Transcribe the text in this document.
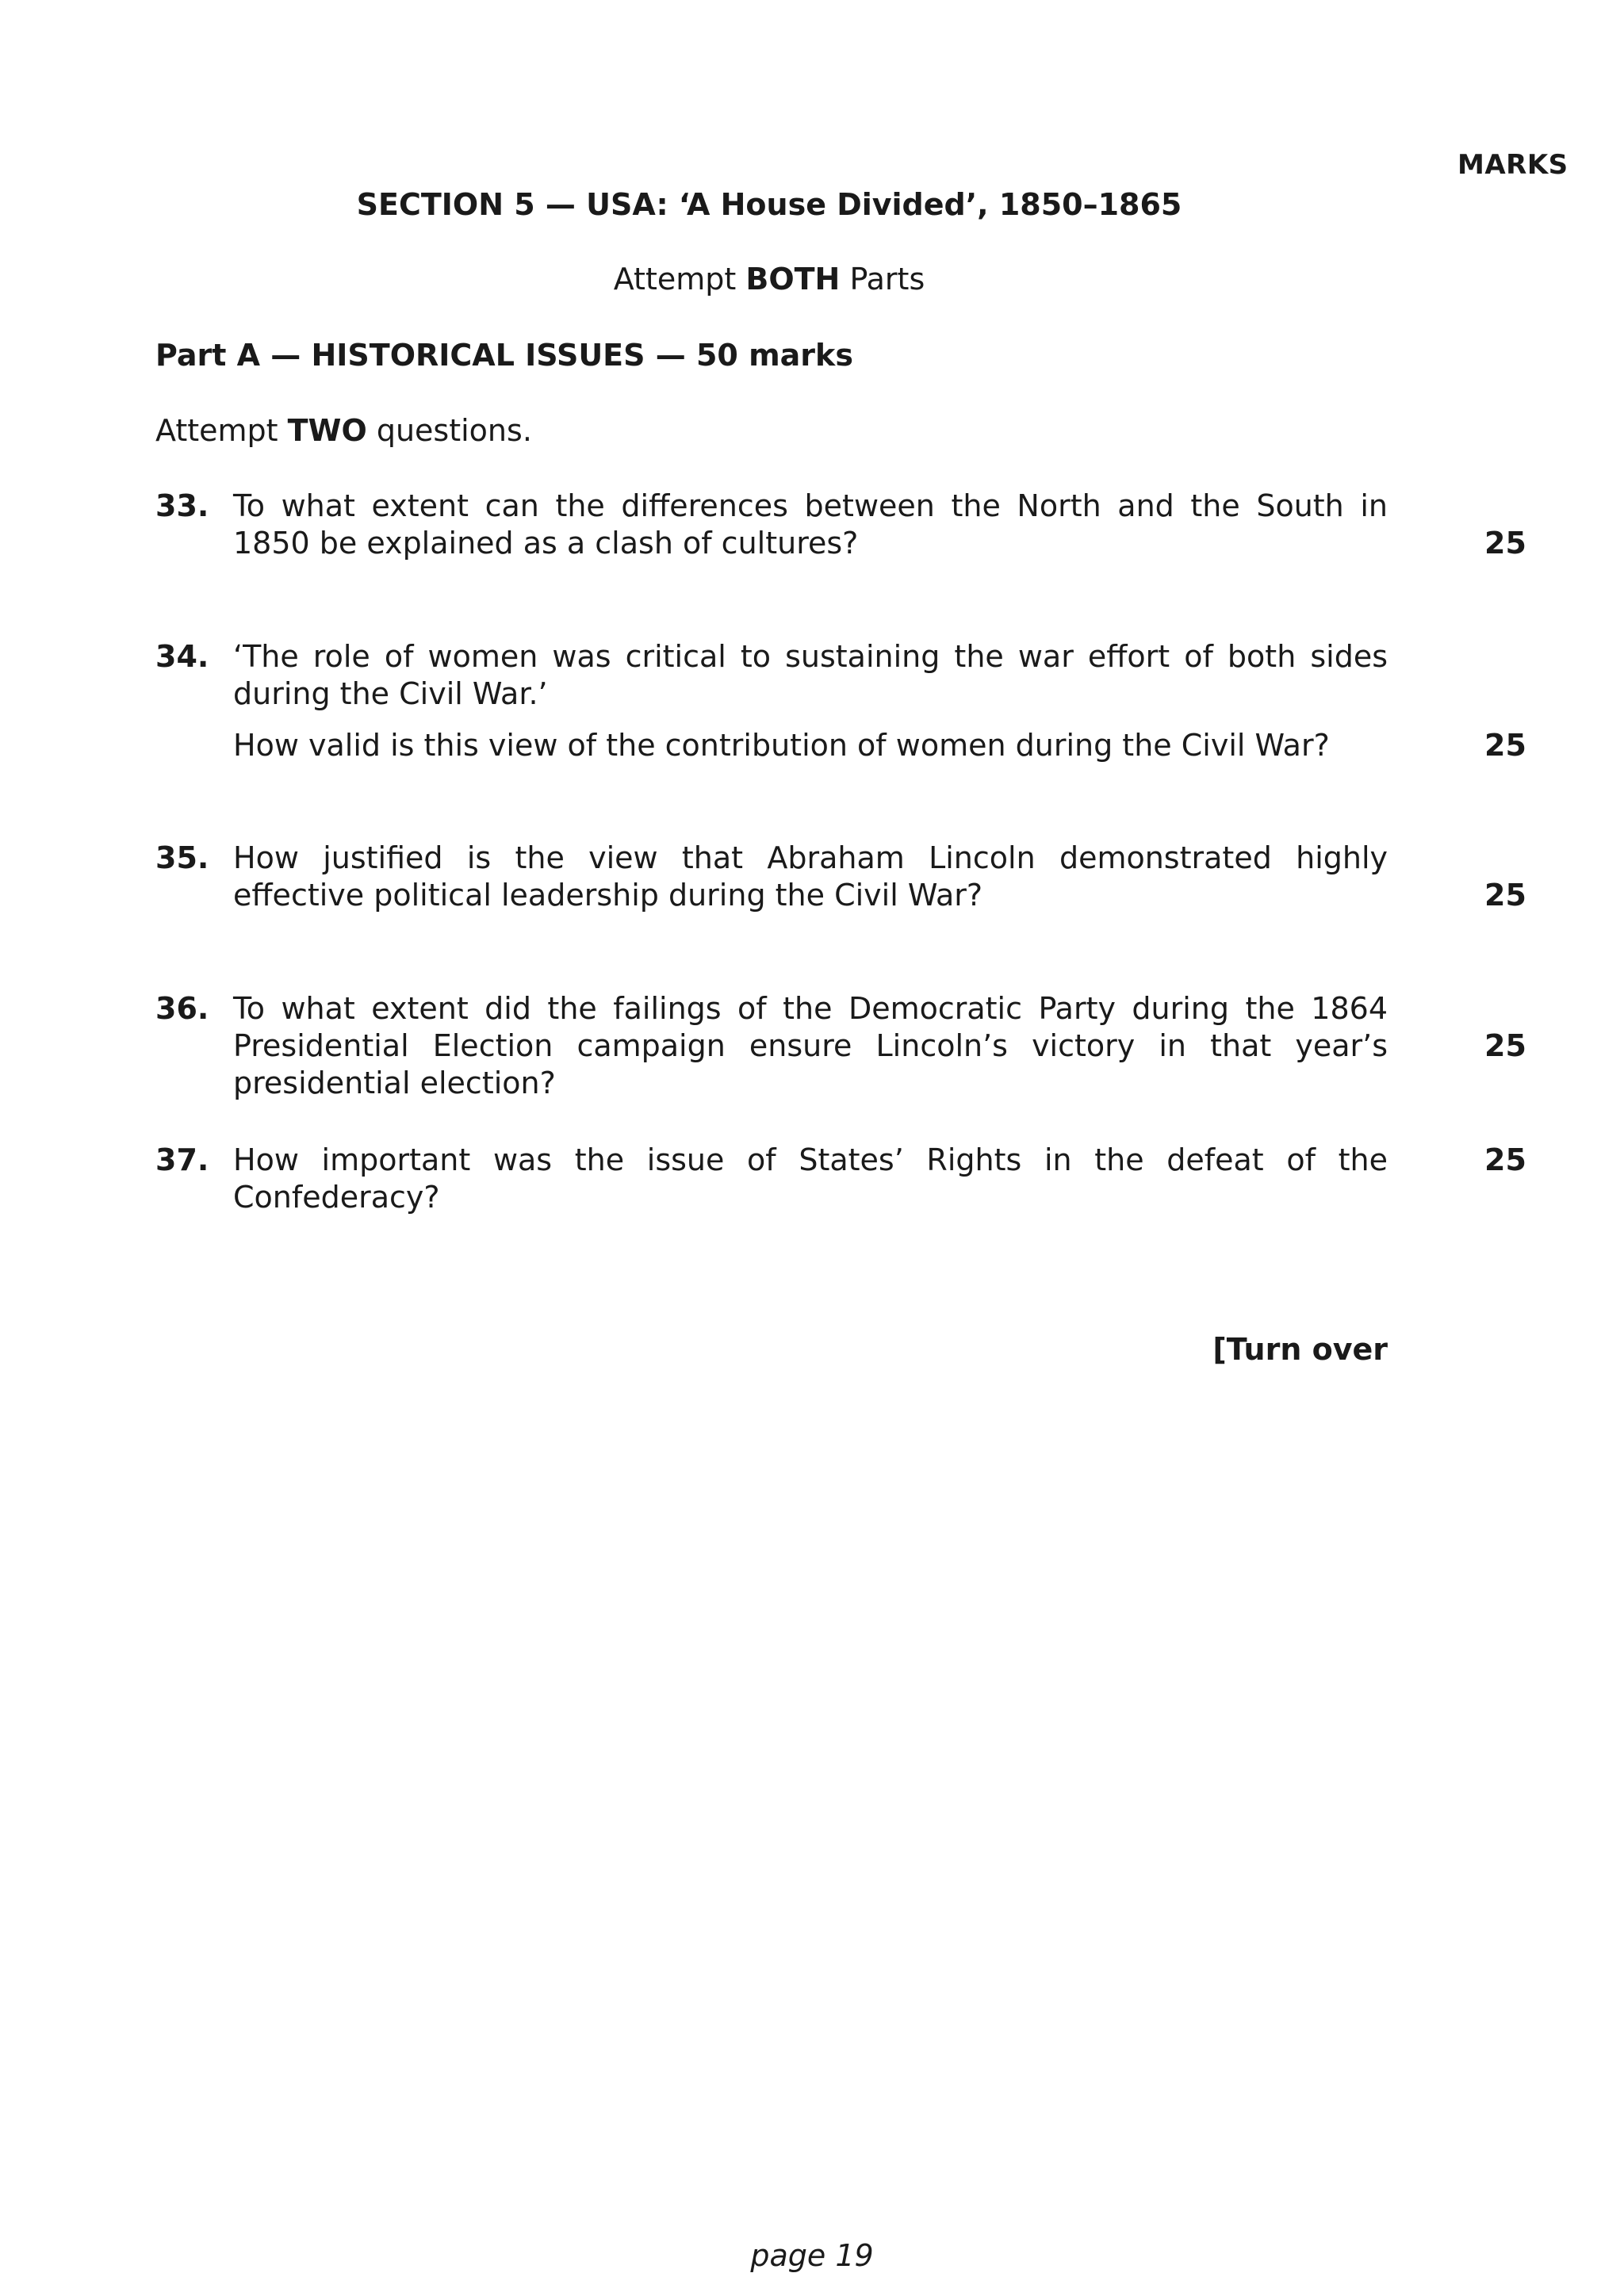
MARKS
SECTION 5 — USA: ‘A House Divided’, 1850–1865
Attempt BOTH Parts
Part A — HISTORICAL ISSUES — 50 marks
Attempt TWO questions.
33. To what extent can the differences between the North and the South in 1850 be explained as a clash of cultures?	25
34. ‘The role of women was critical to sustaining the war effort of both sides during the Civil War.’

How valid is this view of the contribution of women during the Civil War?	25
35. How justified is the view that Abraham Lincoln demonstrated highly effective political leadership during the Civil War?	25
36. To what extent did the failings of the Democratic Party during the 1864 Presidential Election campaign ensure Lincoln’s victory in that year’s presidential election?

25
37. How important was the issue of States’ Rights in the defeat of the Confederacy?

25
[Turn over
page 19
